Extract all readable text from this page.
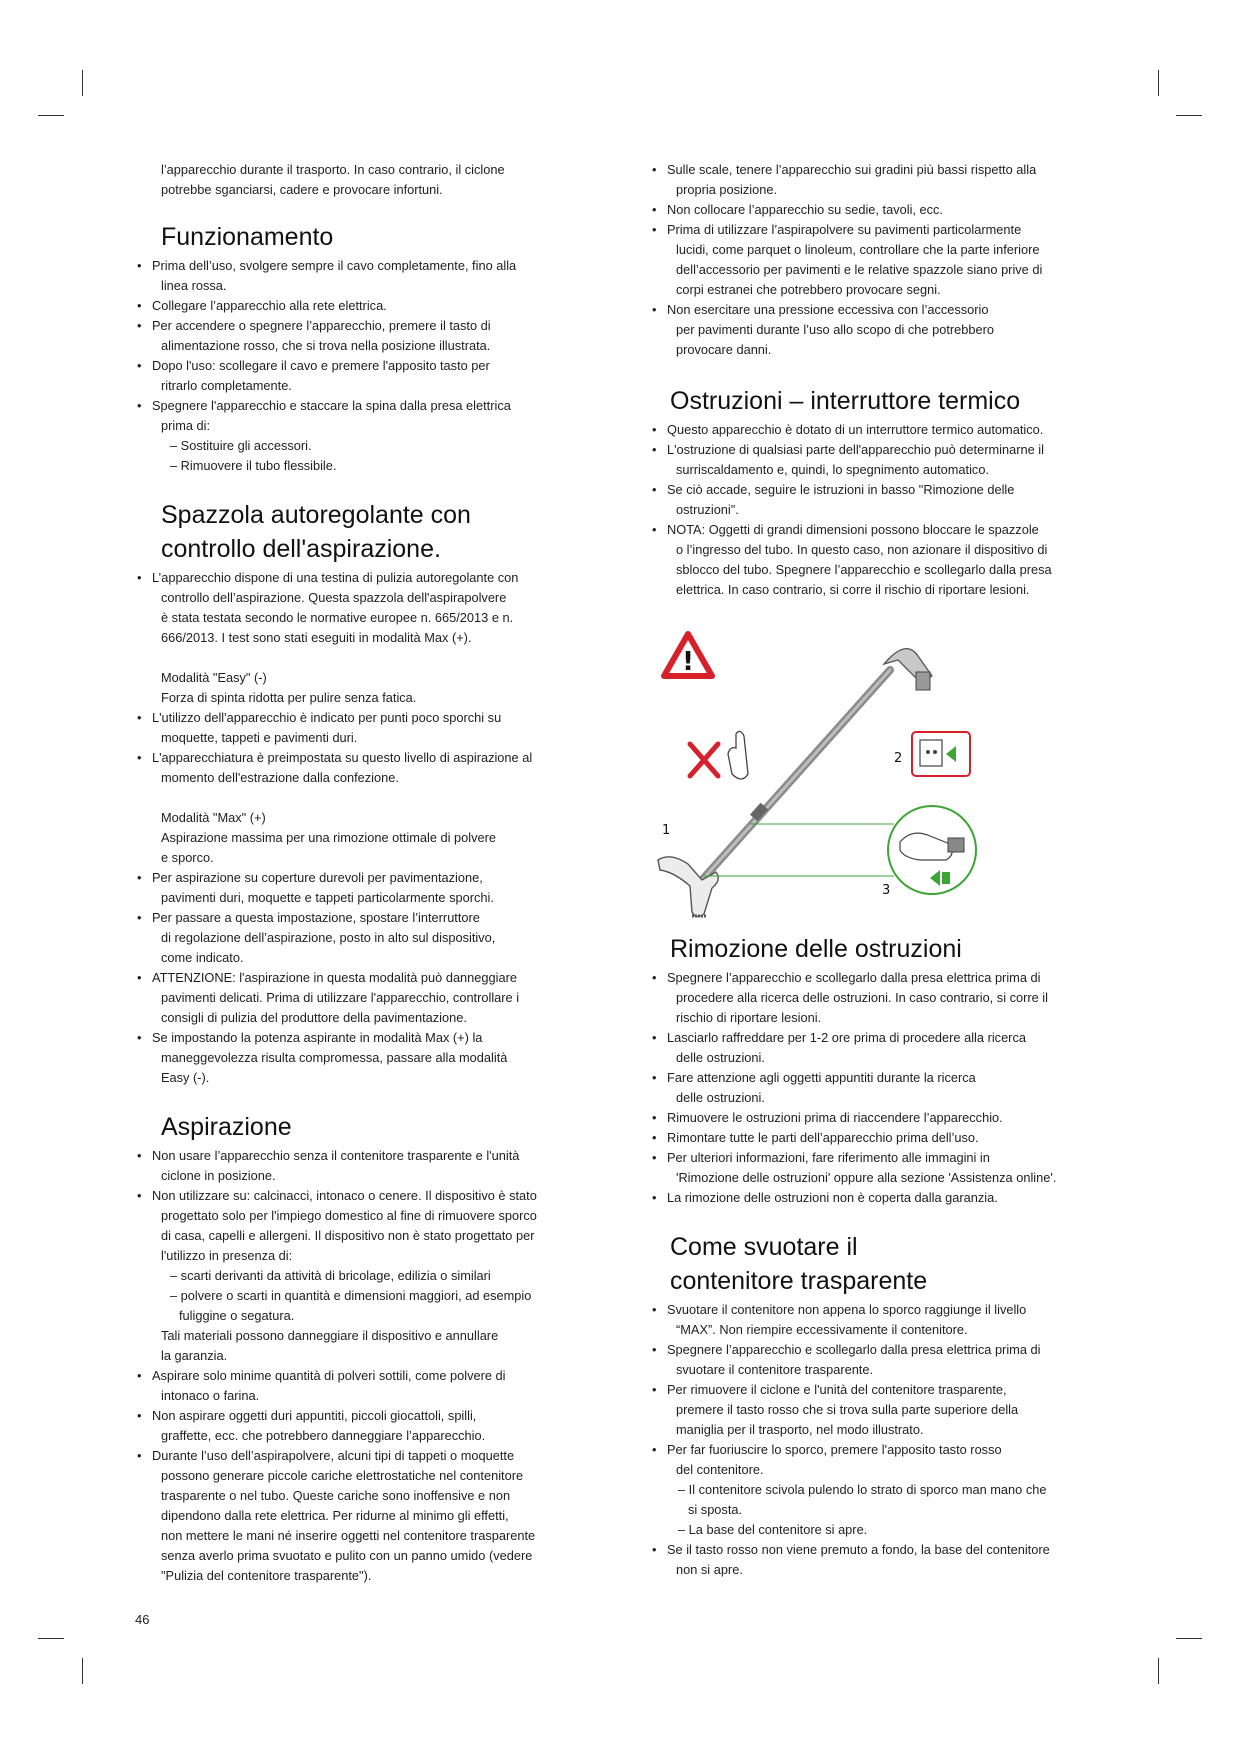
l’apparecchio durante il trasporto. In caso contrario, il ciclone
potrebbe sganciarsi, cadere e provocare infortuni.
Funzionamento
• Prima dell’uso, svolgere sempre il cavo completamente, fino alla
linea rossa.
• Collegare l’apparecchio alla rete elettrica.
• Per accendere o spegnere l’apparecchio, premere il tasto di
alimentazione rosso, che si trova nella posizione illustrata.
• Dopo l'uso: scollegare il cavo e premere l'apposito tasto per
ritrarlo completamente.
• Spegnere l'apparecchio e staccare la spina dalla presa elettrica
prima di:
– Sostituire gli accessori.
– Rimuovere il tubo flessibile.
Spazzola autoregolante con
controllo dell'aspirazione.
• L’apparecchio dispone di una testina di pulizia autoregolante con
controllo dell’aspirazione. Questa spazzola dell'aspirapolvere
è stata testata secondo le normative europee n. 665/2013 e n.
666/2013. I test sono stati eseguiti in modalità Max (+).
Modalità "Easy" (-)
Forza di spinta ridotta per pulire senza fatica.
• L'utilizzo dell'apparecchio è indicato per punti poco sporchi su
moquette, tappeti e pavimenti duri.
• L'apparecchiatura è preimpostata su questo livello di aspirazione al
momento dell'estrazione dalla confezione.
Modalità "Max" (+)
Aspirazione massima per una rimozione ottimale di polvere
e sporco.
• Per aspirazione su coperture durevoli per pavimentazione,
pavimenti duri, moquette e tappeti particolarmente sporchi.
• Per passare a questa impostazione, spostare l’interruttore
di regolazione dell’aspirazione, posto in alto sul dispositivo,
come indicato.
• ATTENZIONE: l'aspirazione in questa modalità può danneggiare
pavimenti delicati. Prima di utilizzare l'apparecchio, controllare i
consigli di pulizia del produttore della pavimentazione.
• Se impostando la potenza aspirante in modalità Max (+) la
maneggevolezza risulta compromessa, passare alla modalità
Easy (-).
Aspirazione
• Non usare l’apparecchio senza il contenitore trasparente e l'unità
ciclone in posizione.
• Non utilizzare su: calcinacci, intonaco o cenere. Il dispositivo è stato
progettato solo per l'impiego domestico al fine di rimuovere sporco
di casa, capelli e allergeni. Il dispositivo non è stato progettato per
l'utilizzo in presenza di:
– scarti derivanti da attività di bricolage, edilizia o similari
– polvere o scarti in quantità e dimensioni maggiori, ad esempio
fuliggine o segatura.
Tali materiali possono danneggiare il dispositivo e annullare
la garanzia.
• Aspirare solo minime quantità di polveri sottili, come polvere di
intonaco o farina.
• Non aspirare oggetti duri appuntiti, piccoli giocattoli, spilli,
graffette, ecc. che potrebbero danneggiare l’apparecchio.
• Durante l’uso dell’aspirapolvere, alcuni tipi di tappeti o moquette
possono generare piccole cariche elettrostatiche nel contenitore
trasparente o nel tubo. Queste cariche sono inoffensive e non
dipendono dalla rete elettrica. Per ridurne al minimo gli effetti,
non mettere le mani né inserire oggetti nel contenitore trasparente
senza averlo prima svuotato e pulito con un panno umido (vedere
"Pulizia del contenitore trasparente").
• Sulle scale, tenere l’apparecchio sui gradini più bassi rispetto alla
propria posizione.
• Non collocare l’apparecchio su sedie, tavoli, ecc.
• Prima di utilizzare l’aspirapolvere su pavimenti particolarmente
lucidi, come parquet o linoleum, controllare che la parte inferiore
dell’accessorio per pavimenti e le relative spazzole siano prive di
corpi estranei che potrebbero provocare segni.
• Non esercitare una pressione eccessiva con l’accessorio
per pavimenti durante l’uso allo scopo di che potrebbero
provocare danni.
Ostruzioni – interruttore termico
• Questo apparecchio è dotato di un interruttore termico automatico.
• L'ostruzione di qualsiasi parte dell'apparecchio può determinarne il
surriscaldamento e, quindi, lo spegnimento automatico.
• Se ciò accade, seguire le istruzioni in basso "Rimozione delle
ostruzioni".
• NOTA: Oggetti di grandi dimensioni possono bloccare le spazzole
o l’ingresso del tubo. In questo caso, non azionare il dispositivo di
sblocco del tubo. Spegnere l’apparecchio e scollegarlo dalla presa
elettrica. In caso contrario, si corre il rischio di riportare lesioni.
!
1
2
3
Rimozione delle ostruzioni
• Spegnere l’apparecchio e scollegarlo dalla presa elettrica prima di
procedere alla ricerca delle ostruzioni. In caso contrario, si corre il
rischio di riportare lesioni.
• Lasciarlo raffreddare per 1-2 ore prima di procedere alla ricerca
delle ostruzioni.
• Fare attenzione agli oggetti appuntiti durante la ricerca
delle ostruzioni.
• Rimuovere le ostruzioni prima di riaccendere l’apparecchio.
• Rimontare tutte le parti dell’apparecchio prima dell’uso.
• Per ulteriori informazioni, fare riferimento alle immagini in
'Rimozione delle ostruzioni' oppure alla sezione 'Assistenza online'.
• La rimozione delle ostruzioni non è coperta dalla garanzia.
Come svuotare il
contenitore trasparente
• Svuotare il contenitore non appena lo sporco raggiunge il livello
“MAX”. Non riempire eccessivamente il contenitore.
• Spegnere l’apparecchio e scollegarlo dalla presa elettrica prima di
svuotare il contenitore trasparente.
• Per rimuovere il ciclone e l'unità del contenitore trasparente,
premere il tasto rosso che si trova sulla parte superiore della
maniglia per il trasporto, nel modo illustrato.
• Per far fuoriuscire lo sporco, premere l'apposito tasto rosso
del contenitore.
– Il contenitore scivola pulendo lo strato di sporco man mano che
si sposta.
– La base del contenitore si apre.
• Se il tasto rosso non viene premuto a fondo, la base del contenitore
non si apre.
46
